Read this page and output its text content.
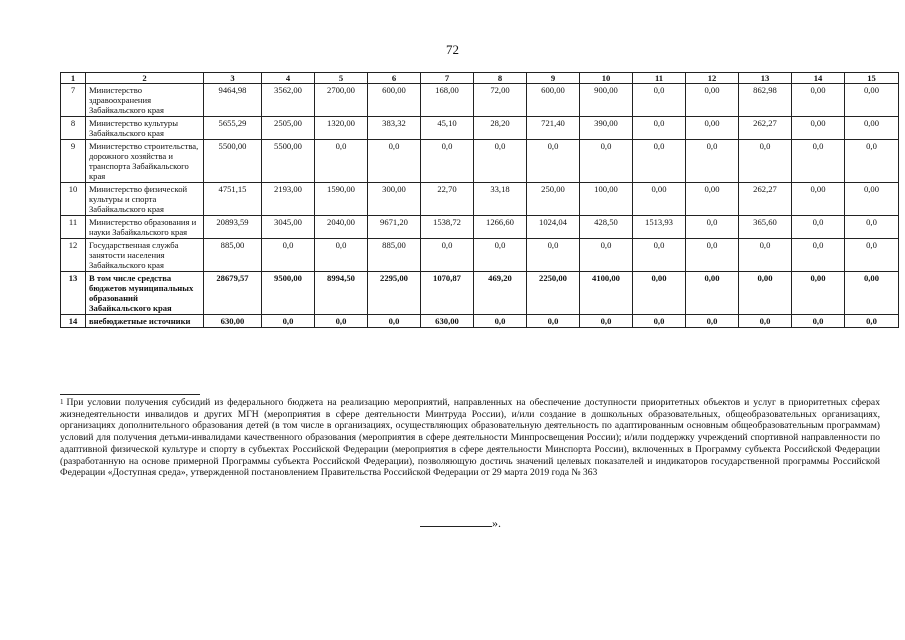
72
1	2	3	4	5	6	7	8	9	10	11	12	13	14	15
7	Министерство здравоохранения Забайкальского края	9464,98	3562,00	2700,00	600,00	168,00	72,00	600,00	900,00	0,0	0,00	862,98	0,00	0,00
8	Министерство культуры Забайкальского края	5655,29	2505,00	1320,00	383,32	45,10	28,20	721,40	390,00	0,0	0,00	262,27	0,00	0,00
9	Министерство строительства, дорожного хозяйства и транспорта Забайкальского края	5500,00	5500,00	0,0	0,0	0,0	0,0	0,0	0,0	0,0	0,0	0,0	0,0	0,0
10	Министерство физической культуры и спорта Забайкальского края	4751,15	2193,00	1590,00	300,00	22,70	33,18	250,00	100,00	0,00	0,00	262,27	0,00	0,00
11	Министерство образования и науки Забайкальского края	20893,59	3045,00	2040,00	9671,20	1538,72	1266,60	1024,04	428,50	1513,93	0,0	365,60	0,0	0,0
12	Государственная служба занятости населения Забайкальского края	885,00	0,0	0,0	885,00	0,0	0,0	0,0	0,0	0,0	0,0	0,0	0,0	0,0
13	В том числе средства бюджетов муниципальных образований Забайкальского края	28679,57	9500,00	8994,50	2295,00	1070,87	469,20	2250,00	4100,00	0,00	0,00	0,00	0,00	0,00
14	внебюджетные источники	630,00	0,0	0,0	0,0	630,00	0,0	0,0	0,0	0,0	0,0	0,0	0,0	0,0
$^1$ При условии получения субсидий из федерального бюджета на реализацию мероприятий, направленных на обеспечение доступности приоритетных объектов и услуг в приоритетных сферах жизнедеятельности инвалидов и других МГН (мероприятия в сфере деятельности Минтруда России), и/или создание в дошкольных образовательных, общеобразовательных организациях, организациях дополнительного образования детей (в том числе в организациях, осуществляющих образовательную деятельность по адаптированным основным общеобразовательным программам) условий для получения детьми-инвалидами качественного образования (мероприятия в сфере деятельности Минпросвещения России); и/или поддержку учреждений спортивной направленности по адаптивной физической культуре и спорту в субъектах Российской Федерации (мероприятия в сфере деятельности Минспорта России), включенных в Программу субъекта Российской Федерации (разработанную на основе примерной Программы субъекта Российской Федерации), позволяющую достичь значений целевых показателей и индикаторов государственной программы Российской Федерации «Доступная среда», утвержденной постановлением Правительства Российской Федерации от 29 марта 2019 года № 363
».
